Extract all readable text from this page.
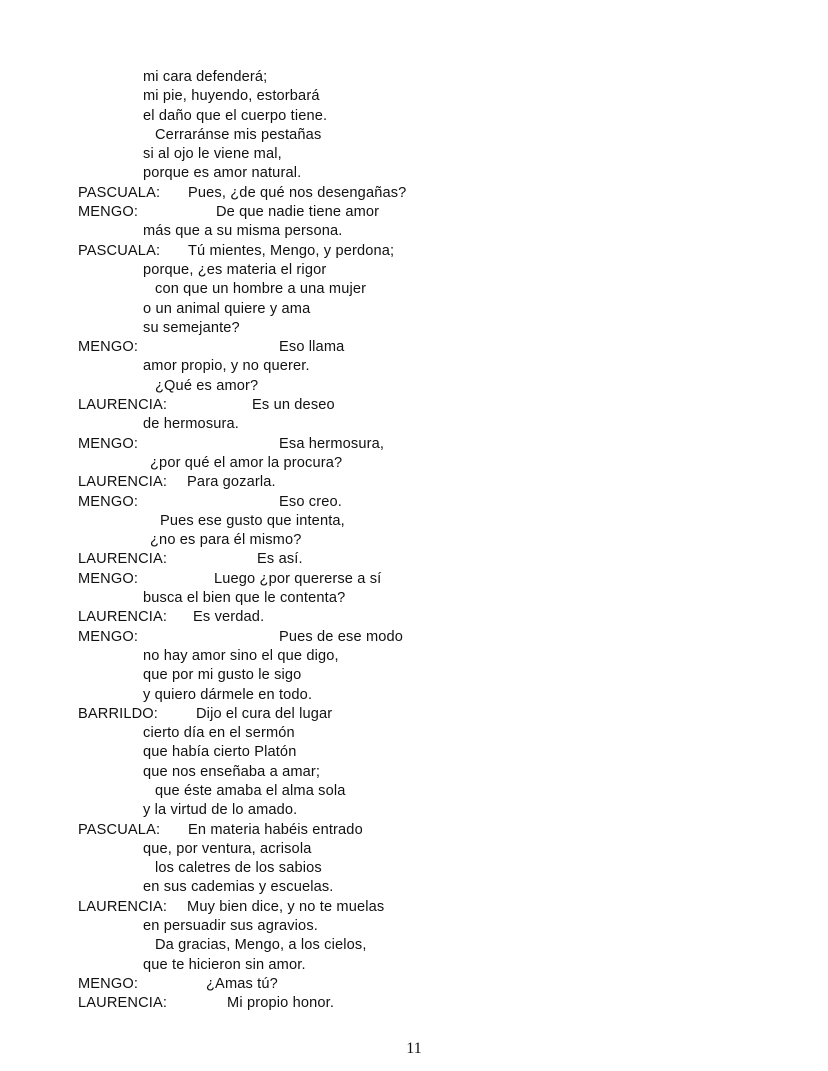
mi cara defenderá;
mi pie, huyendo, estorbará
el daño que el cuerpo tiene.
Cerraránse mis pestañas
si al ojo le viene mal,
porque es amor natural.
PASCUALA: Pues, ¿de qué nos desengañas?
MENGO:	De que nadie tiene amor
más que a su misma persona.
PASCUALA: Tú mientes, Mengo, y perdona;
porque, ¿es materia el rigor
con que un hombre a una mujer
o un animal quiere y ama
su semejante?
MENGO:	Eso llama
amor propio, y no querer.
¿Qué es amor?
LAURENCIA:	Es un deseo
de hermosura.
MENGO:	Esa hermosura,
¿por qué el amor la procura?
LAURENCIA: Para gozarla.
MENGO:	Eso creo.
Pues ese gusto que intenta,
¿no es para él mismo?
LAURENCIA:	Es así.
MENGO:	Luego ¿por quererse a sí
busca el bien que le contenta?
LAURENCIA: Es verdad.
MENGO:	Pues de ese modo
no hay amor sino el que digo,
que por mi gusto le sigo
y quiero dármele en todo.
BARRILDO:	Dijo el cura del lugar
cierto día en el sermón
que había cierto Platón
que nos enseñaba a amar;
que éste amaba el alma sola
y la virtud de lo amado.
PASCUALA: En materia habéis entrado
que, por ventura, acrisola
los caletres de los sabios
en sus cademias y escuelas.
LAURENCIA: Muy bien dice, y no te muelas
en persuadir sus agravios.
Da gracias, Mengo, a los cielos,
que te hicieron sin amor.
MENGO:	¿Amas tú?
LAURENCIA:	Mi propio honor.
11
